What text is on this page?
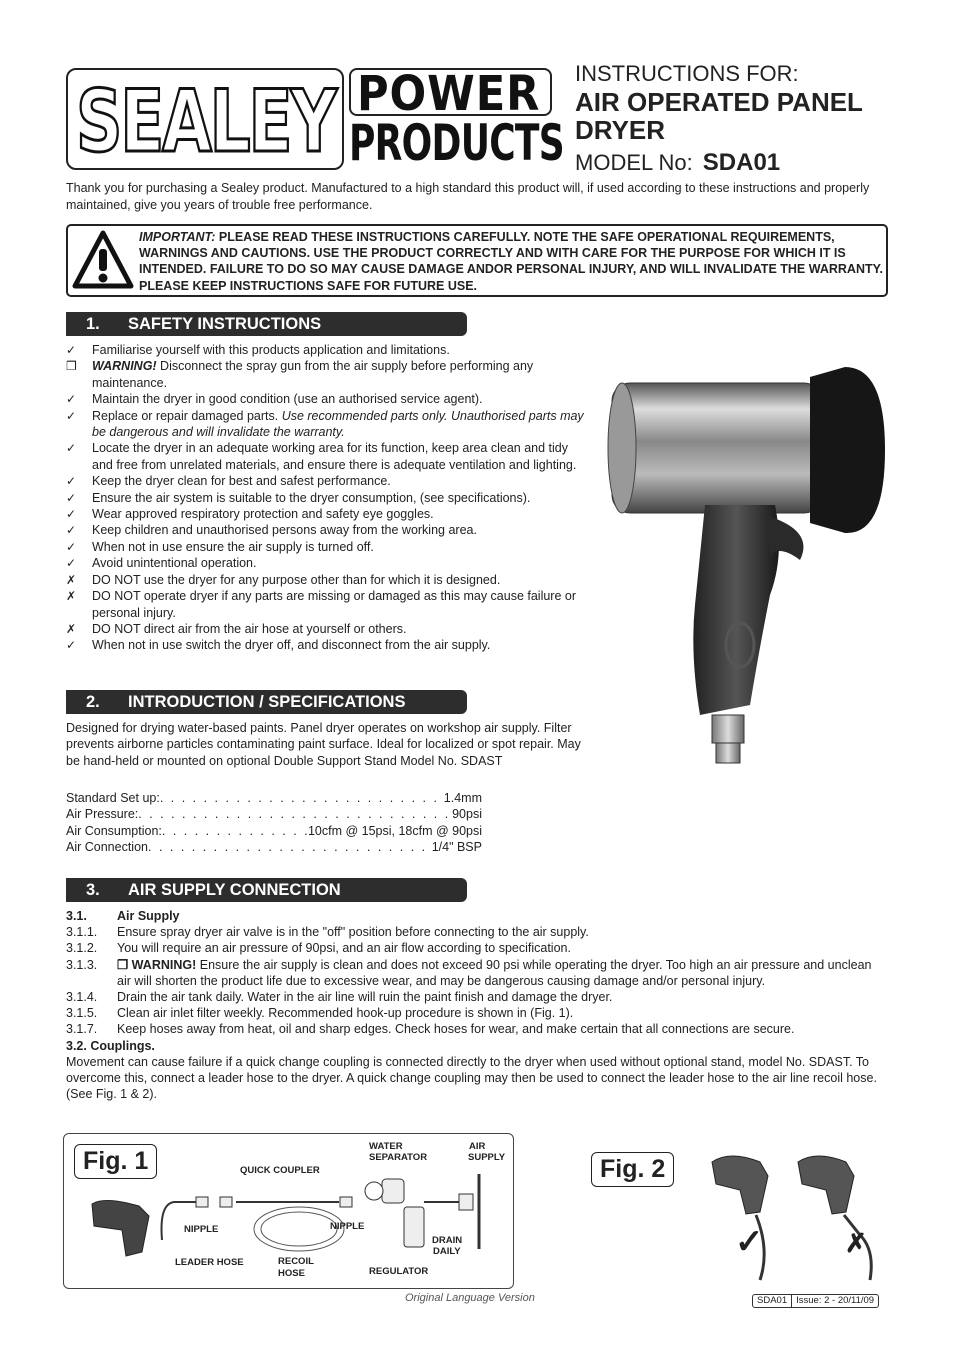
SEALEY POWER
PRODUCTS
INSTRUCTIONS FOR:
AIR OPERATED PANEL
DRYER
MODEL No: SDA01
Thank you for purchasing a Sealey product. Manufactured to a high standard this product will, if used according to these instructions and properly maintained, give you years of trouble free performance.
IMPORTANT: PLEASE READ THESE INSTRUCTIONS CAREFULLY. NOTE THE SAFE OPERATIONAL REQUIREMENTS, WARNINGS AND CAUTIONS. USE THE PRODUCT CORRECTLY AND WITH CARE FOR THE PURPOSE FOR WHICH IT IS INTENDED. FAILURE TO DO SO MAY CAUSE DAMAGE ANDOR PERSONAL INJURY, AND WILL INVALIDATE THE WARRANTY. PLEASE KEEP INSTRUCTIONS SAFE FOR FUTURE USE.
1. SAFETY INSTRUCTIONS
✓	Familiarise yourself with this products application and limitations.
❒	WARNING! Disconnect the spray gun from the air supply before performing any maintenance.
✓	Maintain the dryer in good condition (use an authorised service agent).
✓	Replace or repair damaged parts. Use recommended parts only. Unauthorised parts may be dangerous and will invalidate the warranty.
✓	Locate the dryer in an adequate working area for its function, keep area clean and tidy and free from unrelated materials, and ensure there is adequate ventilation and lighting.
✓	Keep the dryer clean for best and safest performance.
✓	Ensure the air system is suitable to the dryer consumption, (see specifications).
✓	Wear approved respiratory protection and safety eye goggles.
✓	Keep children and unauthorised persons away from the working area.
✓	When not in use ensure the air supply is turned off.
✓	Avoid unintentional operation.
✗	DO NOT use the dryer for any purpose other than for which it is designed.
✗	DO NOT operate dryer if any parts are missing or damaged as this may cause failure or personal injury.
✗	DO NOT direct air from the air hose at yourself or others.
✓	When not in use switch the dryer off, and disconnect from the air supply.
2. INTRODUCTION / SPECIFICATIONS
Designed for drying water-based paints. Panel dryer operates on workshop air supply. Filter prevents airborne particles contaminating paint surface. Ideal for localized or spot repair. May be hand-held or mounted on optional Double Support Stand Model No. SDAST
Standard Set up: . . .	1.4mm
Air Pressure: . . .	90psi
Air Consumption: . . .	10cfm @ 15psi, 18cfm @ 90psi
Air Connection . . .	1/4" BSP
3. AIR SUPPLY CONNECTION
3.1. Air Supply
3.1.1. Ensure spray dryer air valve is in the "off" position before connecting to the air supply.
3.1.2. You will require an air pressure of 90psi, and an air flow according to specification.
3.1.3. ❒ WARNING! Ensure the air supply is clean and does not exceed 90 psi while operating the dryer. Too high an air pressure and unclean air will shorten the product life due to excessive wear, and may be dangerous causing damage and/or personal injury.
3.1.4. Drain the air tank daily. Water in the air line will ruin the paint finish and damage the dryer.
3.1.5. Clean air inlet filter weekly. Recommended hook-up procedure is shown in (Fig. 1).
3.1.7. Keep hoses away from heat, oil and sharp edges. Check hoses for wear, and make certain that all connections are secure.
3.2. Couplings.
Movement can cause failure if a quick change coupling is connected directly to the dryer when used without optional stand, model No. SDAST. To overcome this, connect a leader hose to the dryer. A quick change coupling may then be used to connect the leader hose to the air line recoil hose. (See Fig. 1 & 2).
Fig. 1	QUICK COUPLER
WATER
SEPARATOR
AIR
SUPPLY
NIPPLE	NIPPLE
LEADER HOSE	RECOIL
HOSE	REGULATOR
DRAIN
DAILY
Fig. 2
✓	✗
Original Language Version	SDA01 Issue: 2 - 20/11/09
